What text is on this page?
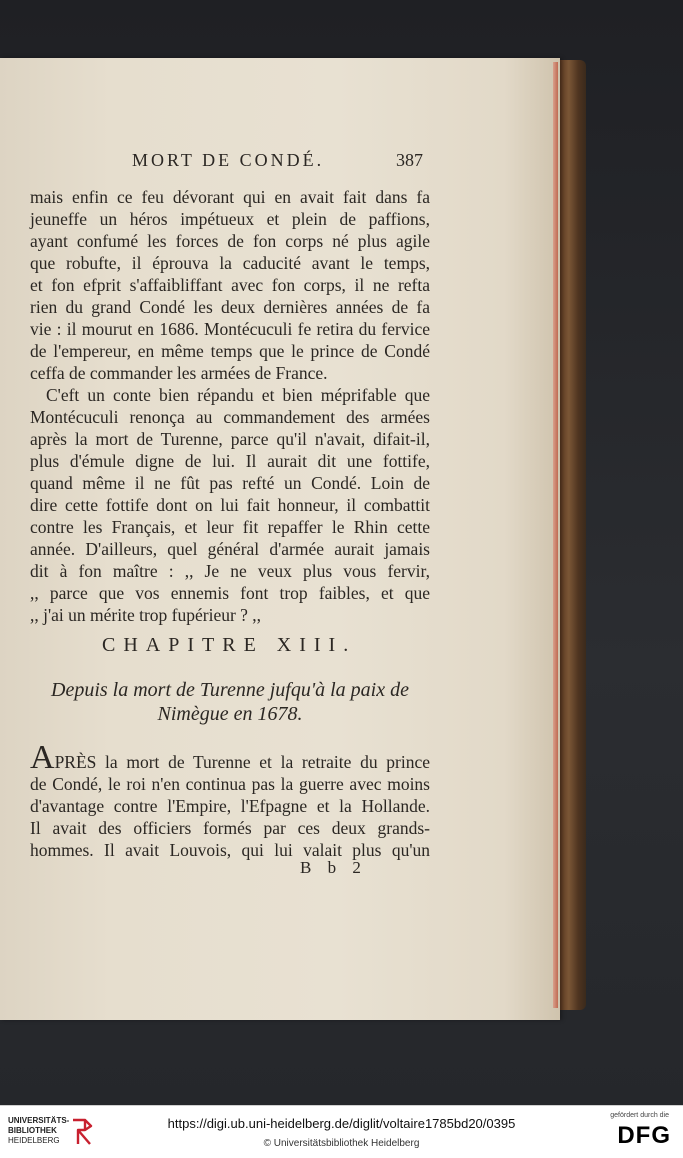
MORT DE CONDÉ.	387

mais enfin ce feu dévorant qui en avait fait dans fa
jeuneffe un héros impétueux et plein de paffions,
ayant confumé les forces de fon corps né plus agile
que robufte, il éprouva la caducité avant le temps,
et fon efprit s'affaibliffant avec fon corps, il ne refta
rien du grand Condé les deux dernières années de fa
vie : il mourut en 1686. Montécuculi fe retira du fervice
de l'empereur, en même temps que le prince de Condé
ceffa de commander les armées de France.

C'eft un conte bien répandu et bien méprifable que
Montécuculi renonça au commandement des armées
après la mort de Turenne, parce qu'il n'avait, difait-il,
plus d'émule digne de lui. Il aurait dit une fottife,
quand même il ne fût pas refté un Condé. Loin de
dire cette fottife dont on lui fait honneur, il combattit
contre les Français, et leur fit repaffer le Rhin cette
année. D'ailleurs, quel général d'armée aurait jamais
dit à fon maître : ,, Je ne veux plus vous fervir,
,, parce que vos ennemis font trop faibles, et que
,, j'ai un mérite trop fupérieur ? ,,

CHAPITRE XIII.
Depuis la mort de Turenne jufqu'à la paix de
Nimègue en 1678.

APRÈS la mort de Turenne et la retraite du prince
de Condé, le roi n'en continua pas la guerre avec moins
d'avantage contre l'Empire, l'Efpagne et la Hollande.
Il avait des officiers formés par ces deux grands-
hommes. Il avait Louvois, qui lui valait plus qu'un

B b 2
UNIVERSITÄTS-
BIBLIOTHEK
HEIDELBERG
https://digi.ub.uni-heidelberg.de/diglit/voltaire1785bd20/0395
© Universitätsbibliothek Heidelberg
gefördert durch die
DFG
